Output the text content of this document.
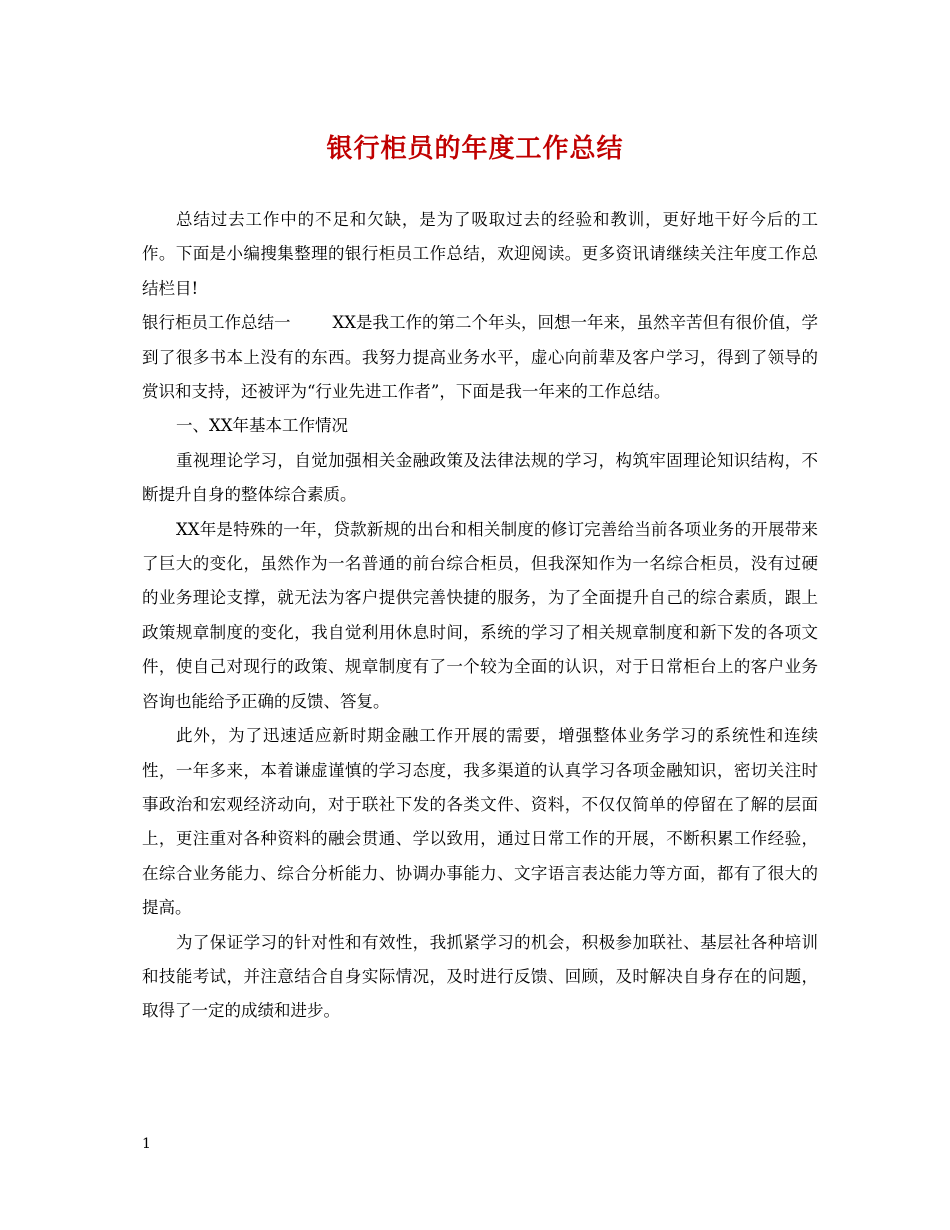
银行柜员的年度工作总结

总结过去工作中的不足和欠缺，是为了吸取过去的经验和教训，更好地干好今后的工作。下面是小编搜集整理的银行柜员工作总结，欢迎阅读。更多资讯请继续关注年度工作总结栏目!

银行柜员工作总结一	XX是我工作的第二个年头，回想一年来，虽然辛苦但有很价值，学到了很多书本上没有的东西。我努力提高业务水平，虚心向前辈及客户学习，得到了领导的赏识和支持，还被评为“行业先进工作者”，下面是我一年来的工作总结。

一、XX年基本工作情况

重视理论学习，自觉加强相关金融政策及法律法规的学习，构筑牢固理论知识结构，不断提升自身的整体综合素质。

XX年是特殊的一年，贷款新规的出台和相关制度的修订完善给当前各项业务的开展带来了巨大的变化，虽然作为一名普通的前台综合柜员，但我深知作为一名综合柜员，没有过硬的业务理论支撑，就无法为客户提供完善快捷的服务，为了全面提升自己的综合素质，跟上政策规章制度的变化，我自觉利用休息时间，系统的学习了相关规章制度和新下发的各项文件，使自己对现行的政策、规章制度有了一个较为全面的认识，对于日常柜台上的客户业务咨询也能给予正确的反馈、答复。

此外，为了迅速适应新时期金融工作开展的需要，增强整体业务学习的系统性和连续性，一年多来，本着谦虚谨慎的学习态度，我多渠道的认真学习各项金融知识，密切关注时事政治和宏观经济动向，对于联社下发的各类文件、资料，不仅仅简单的停留在了解的层面上，更注重对各种资料的融会贯通、学以致用，通过日常工作的开展，不断积累工作经验，在综合业务能力、综合分析能力、协调办事能力、文字语言表达能力等方面，都有了很大的提高。

为了保证学习的针对性和有效性，我抓紧学习的机会，积极参加联社、基层社各种培训和技能考试，并注意结合自身实际情况，及时进行反馈、回顾，及时解决自身存在的问题，取得了一定的成绩和进步。

1
